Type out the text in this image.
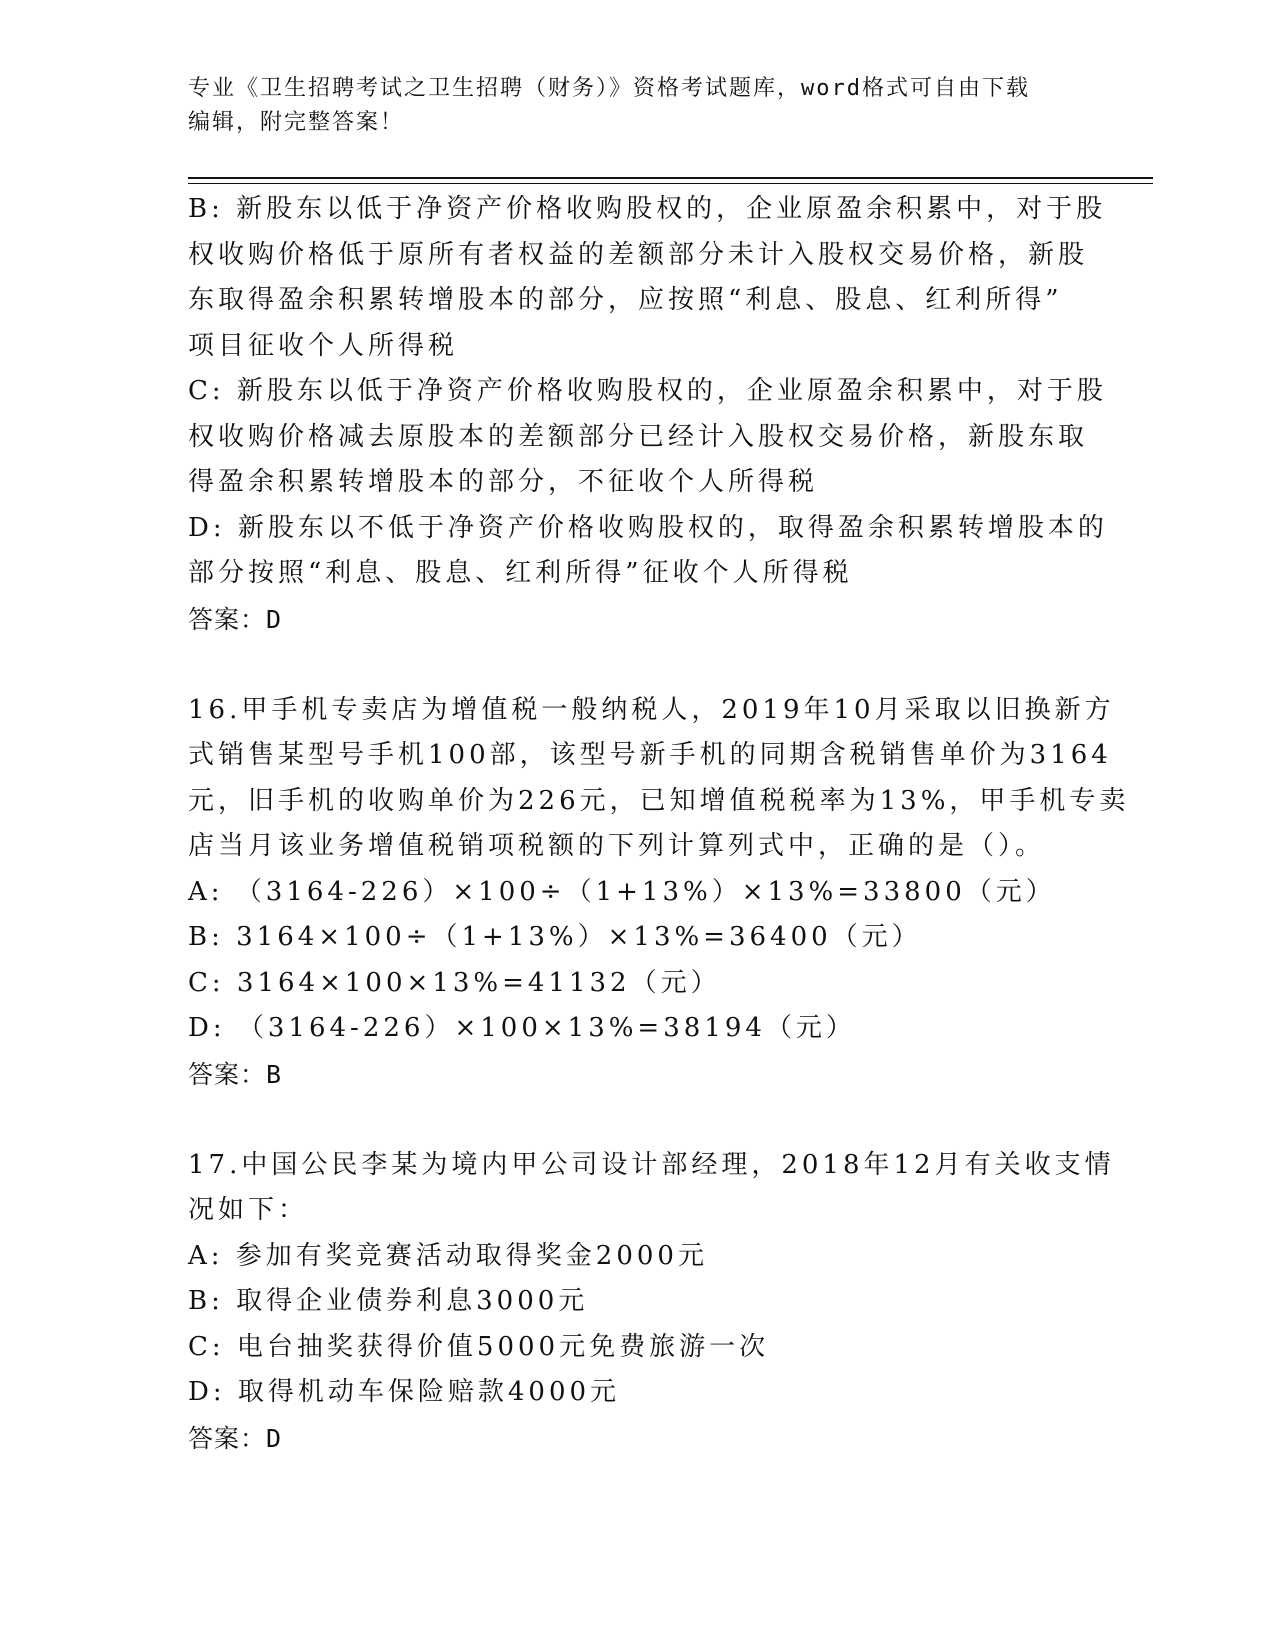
专业《卫生招聘考试之卫生招聘（财务）》资格考试题库，word格式可自由下载
编辑，附完整答案！
B: 新股东以低于净资产价格收购股权的，企业原盈余积累中，对于股
权收购价格低于原所有者权益的差额部分未计入股权交易价格，新股
东取得盈余积累转增股本的部分，应按照“利息、股息、红利所得”
项目征收个人所得税
C: 新股东以低于净资产价格收购股权的，企业原盈余积累中，对于股
权收购价格减去原股本的差额部分已经计入股权交易价格，新股东取
得盈余积累转增股本的部分，不征收个人所得税
D: 新股东以不低于净资产价格收购股权的，取得盈余积累转增股本的
部分按照“利息、股息、红利所得”征收个人所得税
答案：D
16.甲手机专卖店为增值税一般纳税人，2019年10月采取以旧换新方
式销售某型号手机100部，该型号新手机的同期含税销售单价为3164
元，旧手机的收购单价为226元，已知增值税税率为13%，甲手机专卖
店当月该业务增值税销项税额的下列计算列式中，正确的是（）。
A: （3164-226）×100÷（1+13%）×13%=33800（元）
B: 3164×100÷（1+13%）×13%=36400（元）
C: 3164×100×13%=41132（元）
D: （3164-226）×100×13%=38194（元）
答案：B
17.中国公民李某为境内甲公司设计部经理，2018年12月有关收支情
况如下：
A: 参加有奖竞赛活动取得奖金2000元
B: 取得企业债券利息3000元
C: 电台抽奖获得价值5000元免费旅游一次
D: 取得机动车保险赔款4000元
答案：D
